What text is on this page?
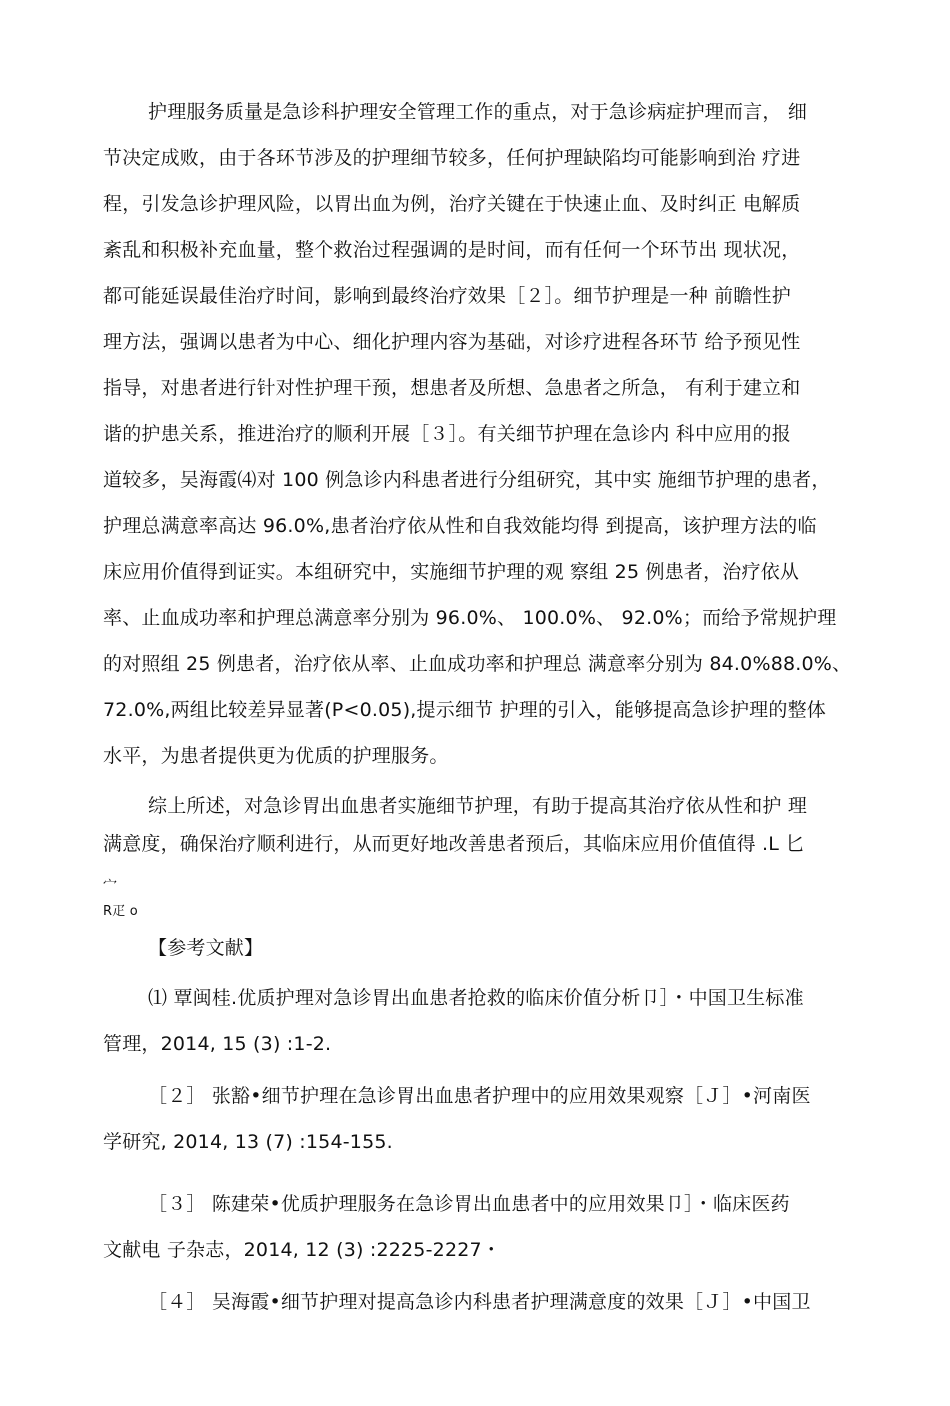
护理服务质量是急诊科护理安全管理工作的重点，对于急诊病症护理而言， 细
节决定成败，由于各环节涉及的护理细节较多，任何护理缺陷均可能影响到治 疗进
程，引发急诊护理风险，以胃出血为例，治疗关键在于快速止血、及时纠正 电解质
紊乱和积极补充血量，整个救治过程强调的是时间，而有任何一个环节出 现状况，
都可能延误最佳治疗时间，影响到最终治疗效果［２］。细节护理是一种 前瞻性护
理方法，强调以患者为中心、细化护理内容为基础，对诊疗进程各环节 给予预见性
指导，对患者进行针对性护理干预，想患者及所想、急患者之所急， 有利于建立和
谐的护患关系，推进治疗的顺利开展［３］。有关细节护理在急诊内 科中应用的报
道较多，吴海霞⑷对 100 例急诊内科患者进行分组研究，其中实 施细节护理的患者，
护理总满意率高达 96.0%,患者治疗依从性和自我效能均得 到提高，该护理方法的临
床应用价值得到证实。本组研究中，实施细节护理的观 察组 25 例患者，治疗依从
率、止血成功率和护理总满意率分别为 96.0%、 100.0%、 92.0%；而给予常规护理
的对照组 25 例患者，治疗依从率、止血成功率和护理总 满意率分别为 84.0%88.0%、
72.0%,两组比较差异显著(P<0.05),提示细节 护理的引入，能够提高急诊护理的整体
水平，为患者提供更为优质的护理服务。
综上所述，对急诊胃出血患者实施细节护理，有助于提高其治疗依从性和护 理
满意度，确保治疗顺利进行，从而更好地改善患者预后，其临床应用价值值得 .L 匕
宀
R疋 o
【参考文献】
⑴ 覃闽桂.优质护理对急诊胃出血患者抢救的临床价值分析卩］・中国卫生标准
管理，2014, 15 (3) :1-2.
［２］ 张豁•细节护理在急诊胃出血患者护理中的应用效果观察［Ｊ］•河南医
学研究, 2014, 13 (7) :154-155.
［３］ 陈建荣•优质护理服务在急诊胃出血患者中的应用效果卩］・临床医药
文献电 子杂志，2014, 12 (3) :2225-2227・
［４］ 吴海霞•细节护理对提高急诊内科患者护理满意度的效果［Ｊ］•中国卫
